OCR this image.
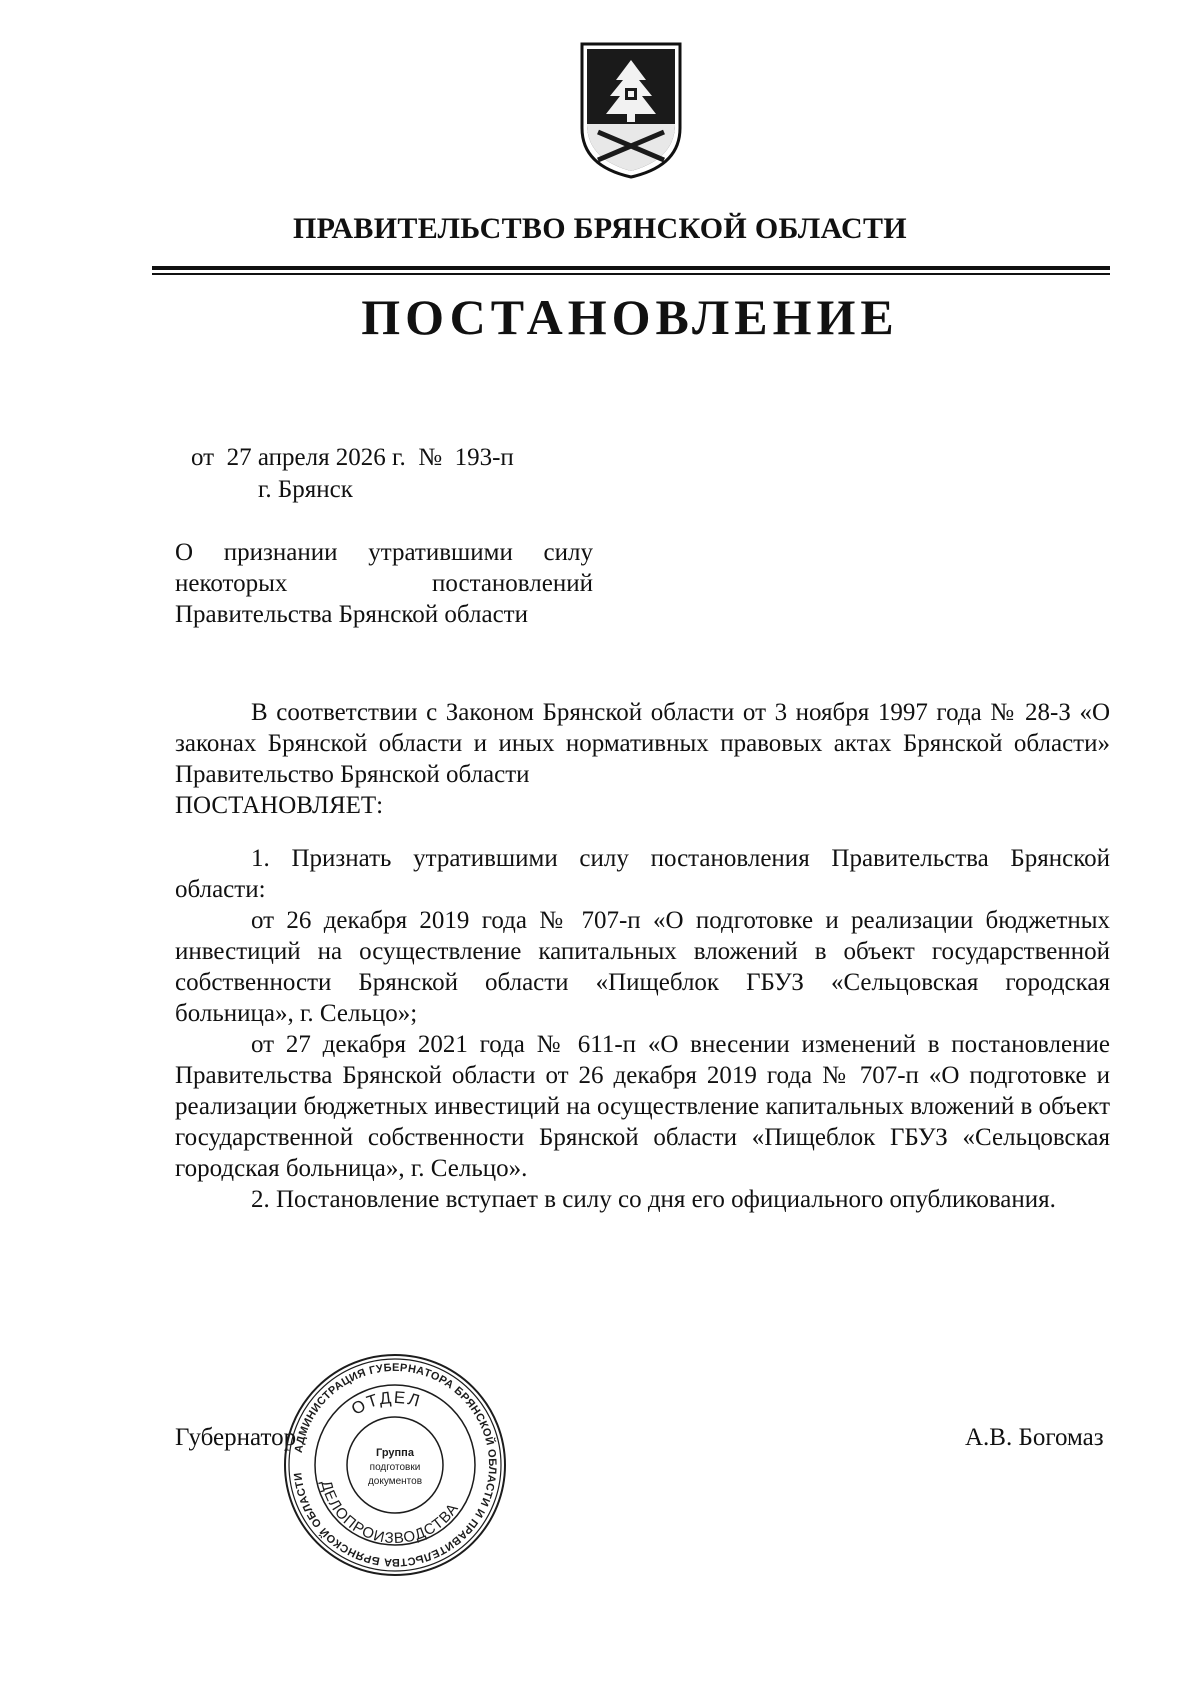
ПРАВИТЕЛЬСТВО БРЯНСКОЙ ОБЛАСТИ
ПОСТАНОВЛЕНИЕ
от  27 апреля 2026 г.  №  193-п
г. Брянск
О признании утратившими силу некоторых постановлений Правительства Брянской области

В соответствии с Законом Брянской области от 3 ноября 1997 года № 28-З «О законах Брянской области и иных нормативных правовых актах Брянской области» Правительство Брянской области

ПОСТАНОВЛЯЕТ:

1. Признать утратившими силу постановления Правительства Брянской области:

от 26 декабря 2019 года № 707-п «О подготовке и реализации бюджетных инвестиций на осуществление капитальных вложений в объект государственной собственности Брянской области «Пищеблок ГБУЗ «Сельцовская городская больница», г. Сельцо»;

от 27 декабря 2021 года № 611-п «О внесении изменений в постановление Правительства Брянской области от 26 декабря 2019 года № 707-п «О подготовке и реализации бюджетных инвестиций на осуществление капитальных вложений в объект государственной собственности Брянской области «Пищеблок ГБУЗ «Сельцовская городская больница», г. Сельцо».

2. Постановление вступает в силу со дня его официального опубликования.

Губернатор	А.В. Богомаз
АДМИНИСТРАЦИЯ ГУБЕРНАТОРА БРЯНСКОЙ ОБЛАСТИ И ПРАВИТЕЛЬСТВА БРЯНСКОЙ ОБЛАСТИ
ОТДЕЛ
ДЕЛОПРОИЗВОДСТВА
Группа
подготовки
документов
